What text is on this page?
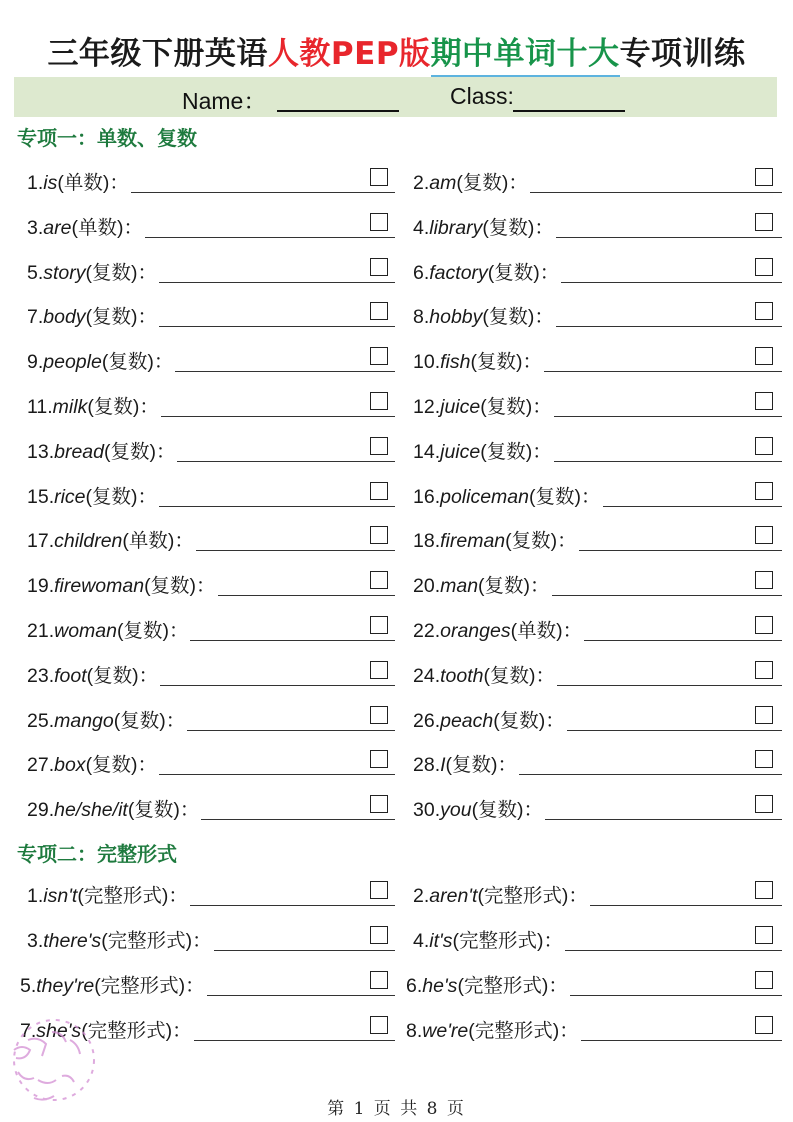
三年级下册英语人教PEP版期中单词十大专项训练
Name：	Class:
专项一：单数、复数
专项二：完整形式
1.is(单数)：	2.am(复数)：
3.are(单数)：	4.library(复数)：
5.story(复数)：	6.factory(复数)：
7.body(复数)：	8.hobby(复数)：
9.people(复数)：	10.fish(复数)：
11.milk(复数)：	12.juice(复数)：
13.bread(复数)：	14.juice(复数)：
15.rice(复数)：	16.policeman(复数)：
17.children(单数)：	18.fireman(复数)：
19.firewoman(复数)：	20.man(复数)：
21.woman(复数)：	22.oranges(单数)：
23.foot(复数)：	24.tooth(复数)：
25.mango(复数)：	26.peach(复数)：
27.box(复数)：	28.I(复数)：
29.he/she/it(复数)：	30.you(复数)：
1.isn't(完整形式)：	2.aren't(完整形式)：
3.there's(完整形式)：	4.it's(完整形式)：
5.they're(完整形式)：	6.he's(完整形式)：
7.she's(完整形式)：	8.we're(完整形式)：
第 1 页 共 8 页
